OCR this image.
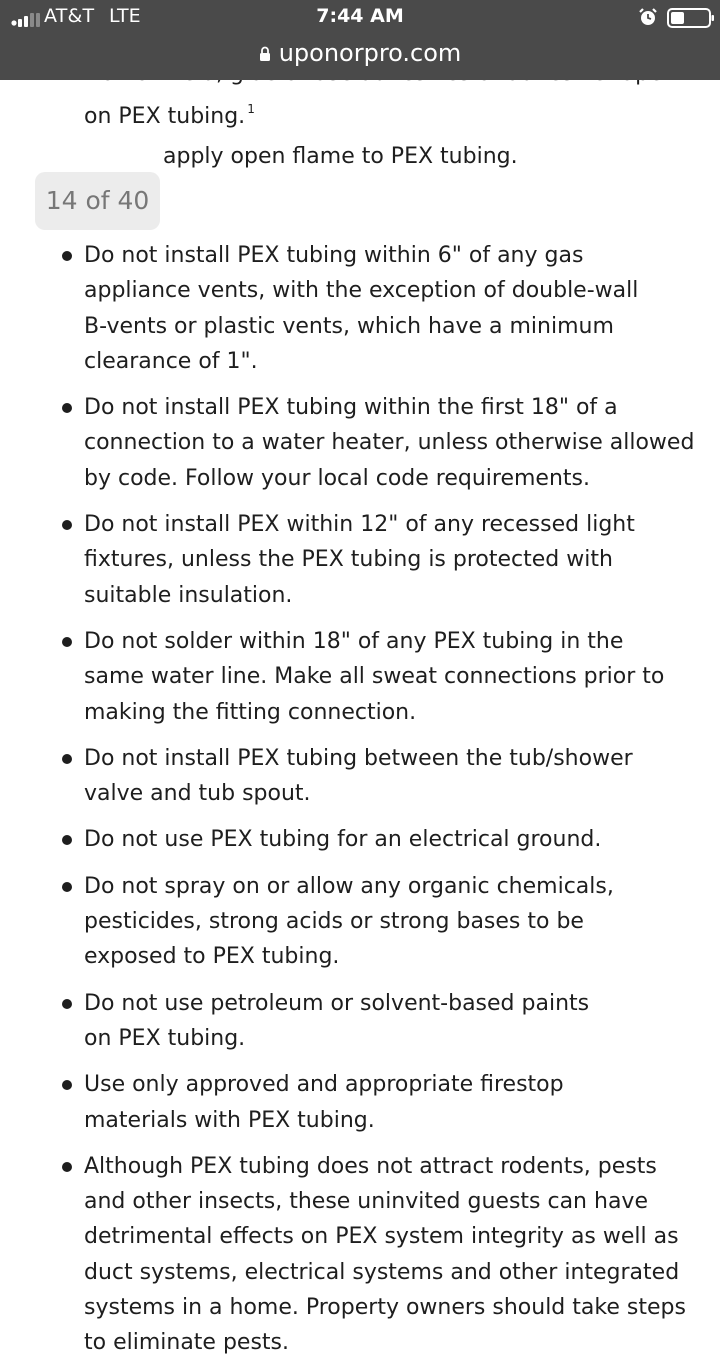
AT&T LTE	7:44 AM
uponorpro.com
on PEX tubing. $^1$
apply open flame to PEX tubing.
14 of 40
Do not install PEX tubing within 6" of any gas
appliance vents, with the exception of double-wall
B-vents or plastic vents, which have a minimum
clearance of 1".
Do not install PEX tubing within the first 18" of a
connection to a water heater, unless otherwise allowed
by code. Follow your local code requirements.
Do not install PEX within 12" of any recessed light
fixtures, unless the PEX tubing is protected with
suitable insulation.
Do not solder within 18" of any PEX tubing in the
same water line. Make all sweat connections prior to
making the fitting connection.
Do not install PEX tubing between the tub/shower
valve and tub spout.
Do not use PEX tubing for an electrical ground.
Do not spray on or allow any organic chemicals,
pesticides, strong acids or strong bases to be
exposed to PEX tubing.
Do not use petroleum or solvent-based paints
on PEX tubing.
Use only approved and appropriate firestop
materials with PEX tubing.
Although PEX tubing does not attract rodents, pests
and other insects, these uninvited guests can have
detrimental effects on PEX system integrity as well as
duct systems, electrical systems and other integrated
systems in a home. Property owners should take steps
to eliminate pests.
